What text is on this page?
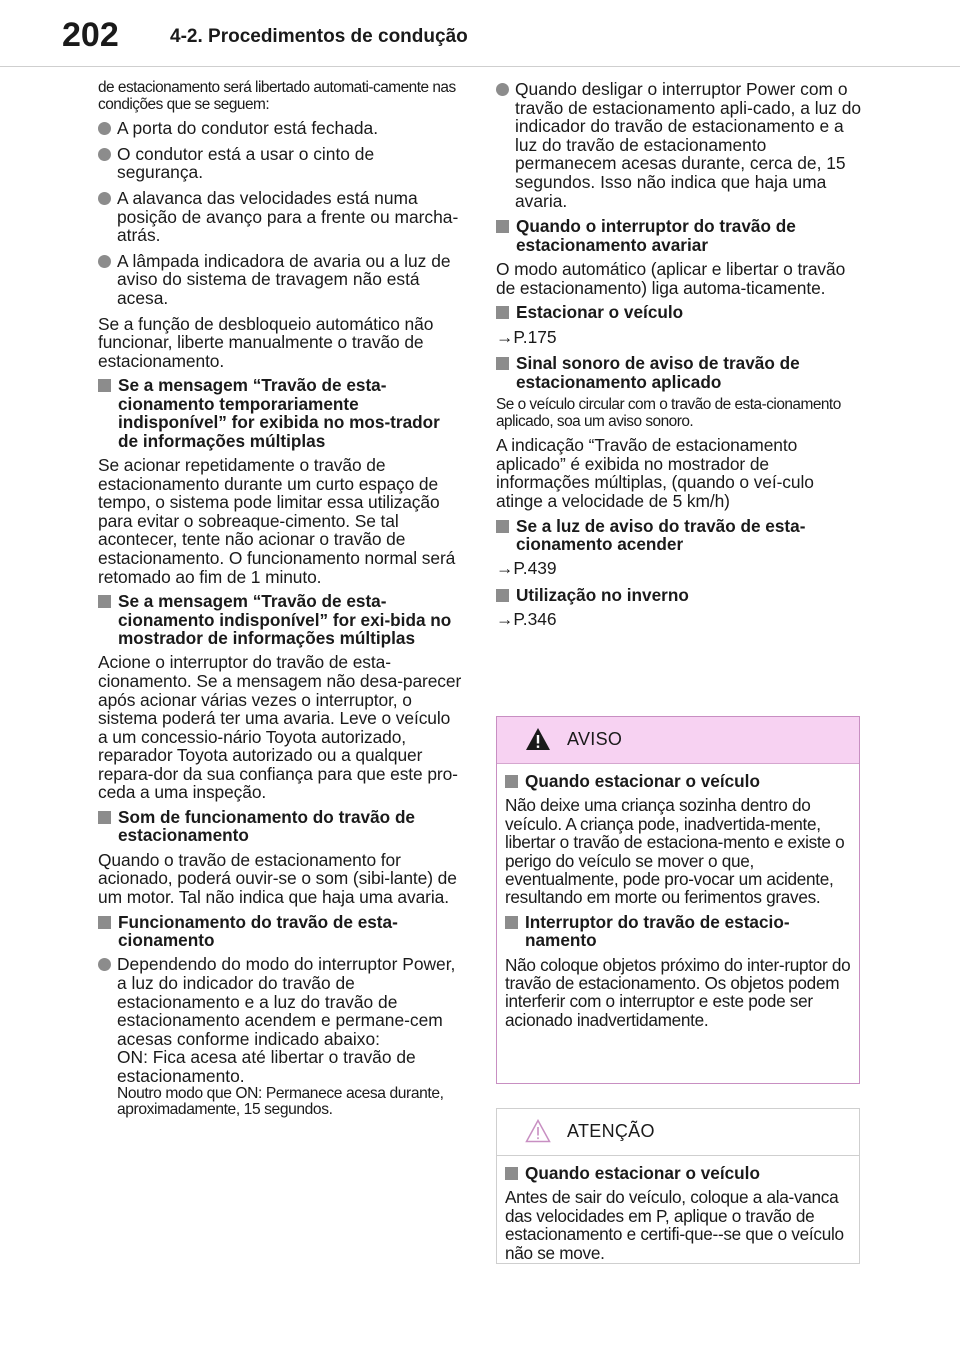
202	4-2. Procedimentos de condução

de estacionamento será libertado automati-camente nas condições que se seguem:

A porta do condutor está fechada.
O condutor está a usar o cinto de segurança.
A alavanca das velocidades está numa posição de avanço para a frente ou marcha-atrás.
A lâmpada indicadora de avaria ou a luz de aviso do sistema de travagem não está acesa.

Se a função de desbloqueio automático não funcionar, liberte manualmente o travão de estacionamento.

Se a mensagem “Travão de esta-cionamento temporariamente indisponível” for exibida no mos-trador de informações múltiplas

Se acionar repetidamente o travão de estacionamento durante um curto espaço de tempo, o sistema pode limitar essa utilização para evitar o sobreaque-cimento. Se tal acontecer, tente não acionar o travão de estacionamento. O funcionamento normal será retomado ao fim de 1 minuto.

Se a mensagem “Travão de esta-cionamento indisponível” for exi-bida no mostrador de informações múltiplas

Acione o interruptor do travão de esta-cionamento. Se a mensagem não desa-parecer após acionar várias vezes o interruptor, o sistema poderá ter uma avaria. Leve o veículo a um concessio-nário Toyota autorizado, reparador Toyota autorizado ou a qualquer repara-dor da sua confiança para que este pro-ceda a uma inspeção.

Som de funcionamento do travão de estacionamento

Quando o travão de estacionamento for acionado, poderá ouvir-se o som (sibi-lante) de um motor. Tal não indica que haja uma avaria.

Funcionamento do travão de esta-cionamento
Dependendo do modo do interruptor Power, a luz do indicador do travão de estacionamento e a luz do travão de estacionamento acendem e permane-cem acesas conforme indicado abaixo:
ON: Fica acesa até libertar o travão de estacionamento.
Noutro modo que ON: Permanece acesa durante, aproximadamente, 15 segundos.
Quando desligar o interruptor Power com o travão de estacionamento apli-cado, a luz do indicador do travão de estacionamento e a luz do travão de estacionamento permanecem acesas durante, cerca de, 15 segundos. Isso não indica que haja uma avaria.
Quando o interruptor do travão de estacionamento avariar

O modo automático (aplicar e libertar o travão de estacionamento) liga automa-ticamente.

Estacionar o veículo

→P.175

Sinal sonoro de aviso de travão de estacionamento aplicado

Se o veículo circular com o travão de esta-cionamento aplicado, soa um aviso sonoro.

A indicação “Travão de estacionamento aplicado” é exibida no mostrador de informações múltiplas, (quando o veí-culo atinge a velocidade de 5 km/h)

Se a luz de aviso do travão de esta-cionamento acender

→P.439

Utilização no inverno

→P.346

AVISO
Quando estacionar o veículo

Não deixe uma criança sozinha dentro do veículo. A criança pode, inadvertida-mente, libertar o travão de estaciona-mento e existe o perigo do veículo se mover o que, eventualmente, pode pro-vocar um acidente, resultando em morte ou ferimentos graves.

Interruptor do travão de estacio-namento

Não coloque objetos próximo do inter-ruptor do travão de estacionamento. Os objetos podem interferir com o interruptor e este pode ser acionado inadvertidamente.

ATENÇÃO
Quando estacionar o veículo

Antes de sair do veículo, coloque a ala-vanca das velocidades em P, aplique o travão de estacionamento e certifi-que--se que o veículo não se move.
